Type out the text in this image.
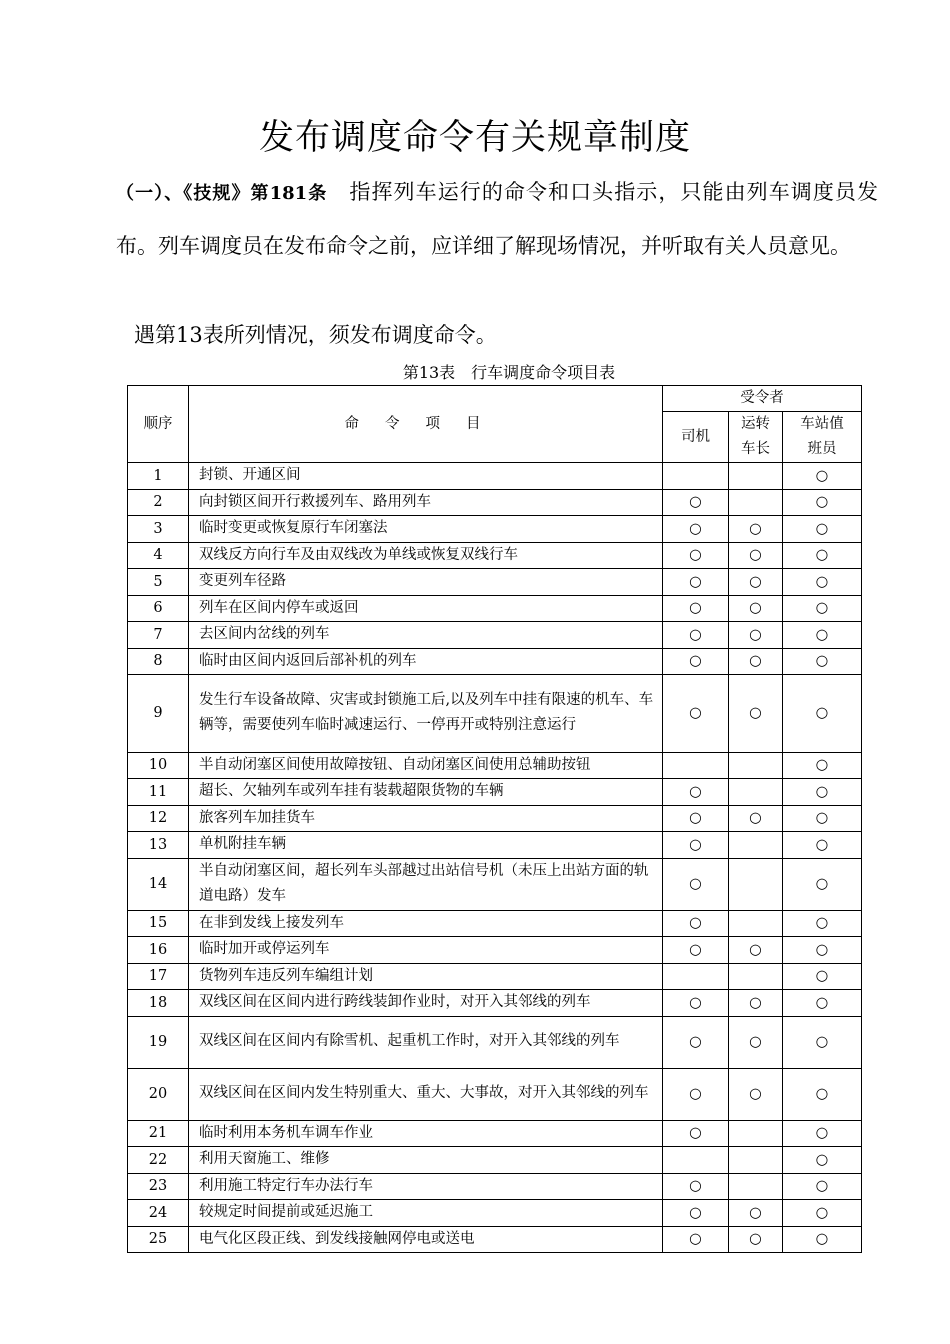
发布调度命令有关规章制度

（一）、《技规》第181条　指挥列车运行的命令和口头指示，只能由列车调度员发布。列车调度员在发布命令之前，应详细了解现场情况，并听取有关人员意见。

遇第13表所列情况，须发布调度命令。

第13表　行车调度命令项目表

顺序	命令项目	受令者		
		司机	运转车长	车站值班员
1	封锁、开通区间			○
2	向封锁区间开行救援列车、路用列车	○		○
3	临时变更或恢复原行车闭塞法	○	○	○
4	双线反方向行车及由双线改为单线或恢复双线行车	○	○	○
5	变更列车径路	○	○	○
6	列车在区间内停车或返回	○	○	○
7	去区间内岔线的列车	○	○	○
8	临时由区间内返回后部补机的列车	○	○	○
9	发生行车设备故障、灾害或封锁施工后,以及列车中挂有限速的机车、车辆等，需要使列车临时减速运行、一停再开或特别注意运行	○	○	○
10	半自动闭塞区间使用故障按钮、自动闭塞区间使用总辅助按钮			○
11	超长、欠轴列车或列车挂有装载超限货物的车辆	○		○
12	旅客列车加挂货车	○	○	○
13	单机附挂车辆	○		○
14	半自动闭塞区间，超长列车头部越过出站信号机（未压上出站方面的轨道电路）发车	○		○
15	在非到发线上接发列车	○		○
16	临时加开或停运列车	○	○	○
17	货物列车违反列车编组计划			○
18	双线区间在区间内进行跨线装卸作业时，对开入其邻线的列车	○	○	○
19	双线区间在区间内有除雪机、起重机工作时，对开入其邻线的列车	○	○	○
20	双线区间在区间内发生特别重大、重大、大事故，对开入其邻线的列车	○	○	○
21	临时利用本务机车调车作业	○		○
22	利用天窗施工、维修			○
23	利用施工特定行车办法行车	○		○
24	较规定时间提前或延迟施工	○	○	○
25	电气化区段正线、到发线接触网停电或送电	○	○	○
